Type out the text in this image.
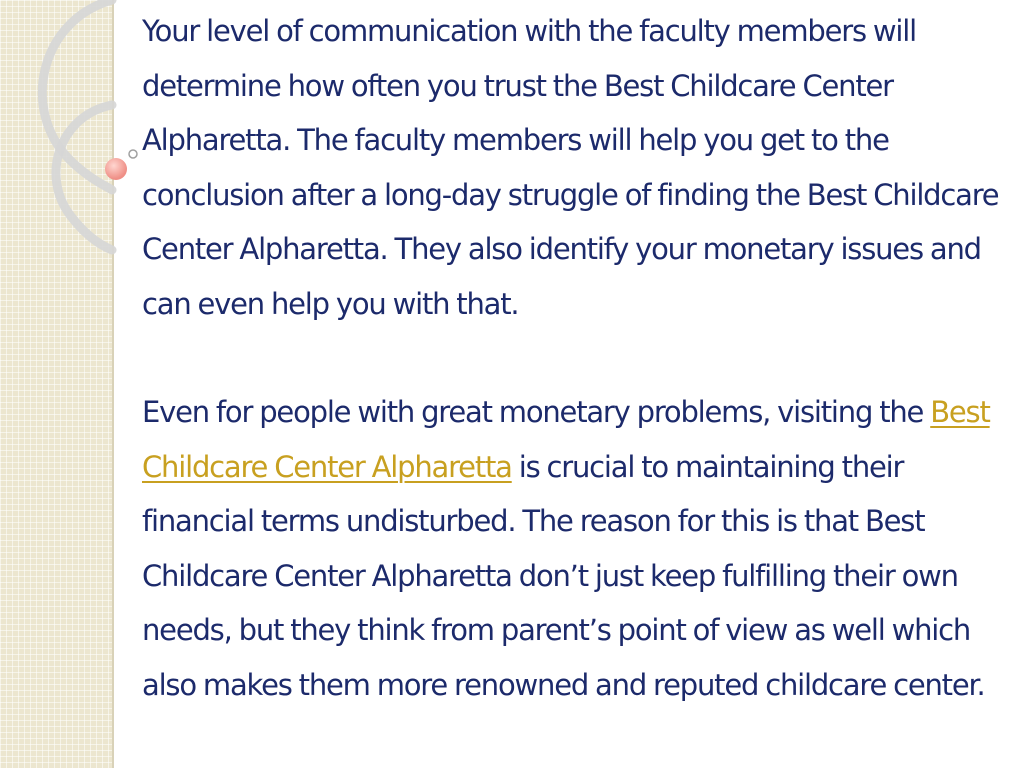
Your level of communication with the faculty members will determine how often you trust the Best Childcare Center Alpharetta. The faculty members will help you get to the conclusion after a long-day struggle of finding the Best Childcare Center Alpharetta. They also identify your monetary issues and can even help you with that.

Even for people with great monetary problems, visiting the Best Childcare Center Alpharetta is crucial to maintaining their financial terms undisturbed. The reason for this is that Best Childcare Center Alpharetta don’t just keep fulfilling their own needs, but they think from parent’s point of view as well which also makes them more renowned and reputed childcare center.
